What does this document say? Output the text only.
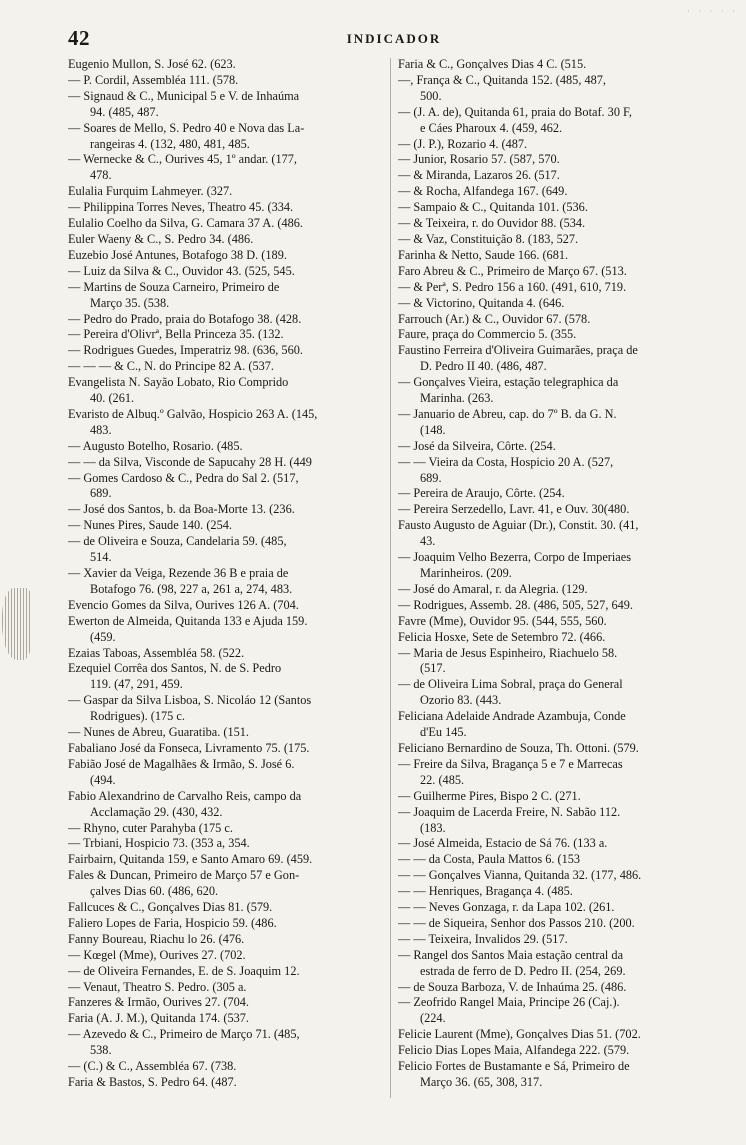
· · · · ·
42	INDICADOR
Eugenio Mullon, S. José 62. (623.
— P. Cordil, Assembléa 111. (578.
— Signaud & C., Municipal 5 e V. de Inhaúma
94. (485, 487.
— Soares de Mello, S. Pedro 40 e Nova das La-
rangeiras 4. (132, 480, 481, 485.
— Wernecke & C., Ourives 45, 1º andar. (177,
478.
Eulalia Furquim Lahmeyer. (327.
— Philippina Torres Neves, Theatro 45. (334.
Eulalio Coelho da Silva, G. Camara 37 A. (486.
Euler Waeny & C., S. Pedro 34. (486.
Euzebio José Antunes, Botafogo 38 D. (189.
— Luiz da Silva & C., Ouvidor 43. (525, 545.
— Martins de Souza Carneiro, Primeiro de
Março 35. (538.
— Pedro do Prado, praia do Botafogo 38. (428.
— Pereira d'Olivrª, Bella Princeza 35. (132.
— Rodrigues Guedes, Imperatriz 98. (636, 560.
— — — & C., N. do Principe 82 A. (537.
Evangelista N. Sayão Lobato, Rio Comprido
40. (261.
Evaristo de Albuq.º Galvão, Hospicio 263 A. (145,
483.
— Augusto Botelho, Rosario. (485.
— — da Silva, Visconde de Sapucahy 28 H. (449
— Gomes Cardoso & C., Pedra do Sal 2. (517,
689.
— José dos Santos, b. da Boa-Morte 13. (236.
— Nunes Pires, Saude 140. (254.
— de Oliveira e Souza, Candelaria 59. (485,
514.
— Xavier da Veiga, Rezende 36 B e praia de
Botafogo 76. (98, 227 a, 261 a, 274, 483.
Evencio Gomes da Silva, Ourives 126 A. (704.
Ewerton de Almeida, Quitanda 133 e Ajuda 159.
(459.
Ezaias Taboas, Assembléa 58. (522.
Ezequiel Corrêa dos Santos, N. de S. Pedro
119. (47, 291, 459.
— Gaspar da Silva Lisboa, S. Nicoláo 12 (Santos
Rodrigues). (175 c.
— Nunes de Abreu, Guaratiba. (151.
Fabaliano José da Fonseca, Livramento 75. (175.
Fabião José de Magalhães & Irmão, S. José 6.
(494.
Fabio Alexandrino de Carvalho Reis, campo da
Acclamação 29. (430, 432.
— Rhyno, cuter Parahyba (175 c.
— Trbiani, Hospicio 73. (353 a, 354.
Fairbairn, Quitanda 159, e Santo Amaro 69. (459.
Fales & Duncan, Primeiro de Março 57 e Gon-
çalves Dias 60. (486, 620.
Fallcuces & C., Gonçalves Dias 81. (579.
Faliero Lopes de Faria, Hospicio 59. (486.
Fanny Boureau, Riachu lo 26. (476.
— Kœgel (Mme), Ourives 27. (702.
— de Oliveira Fernandes, E. de S. Joaquim 12.
— Venaut, Theatro S. Pedro. (305 a.
Fanzeres & Irmão, Ourives 27. (704.
Faria (A. J. M.), Quitanda 174. (537.
— Azevedo & C., Primeiro de Março 71. (485,
538.
— (C.) & C., Assembléa 67. (738.
Faria & Bastos, S. Pedro 64. (487.
Faria & C., Gonçalves Dias 4 C. (515.
—, França & C., Quitanda 152. (485, 487,
500.
— (J. A. de), Quitanda 61, praia do Botaf. 30 F,
e Cáes Pharoux 4. (459, 462.
— (J. P.), Rozario 4. (487.
— Junior, Rosario 57. (587, 570.
— & Miranda, Lazaros 26. (517.
— & Rocha, Alfandega 167. (649.
— Sampaio & C., Quitanda 101. (536.
— & Teixeira, r. do Ouvidor 88. (534.
— & Vaz, Constituição 8. (183, 527.
Farinha & Netto, Saude 166. (681.
Faro Abreu & C., Primeiro de Março 67. (513.
— & Perª, S. Pedro 156 a 160. (491, 610, 719.
— & Victorino, Quitanda 4. (646.
Farrouch (Ar.) & C., Ouvidor 67. (578.
Faure, praça do Commercio 5. (355.
Faustino Ferreira d'Oliveira Guimarães, praça de
D. Pedro II 40. (486, 487.
— Gonçalves Vieira, estação telegraphica da
Marinha. (263.
— Januario de Abreu, cap. do 7º B. da G. N.
(148.
— José da Silveira, Côrte. (254.
— — Vieira da Costa, Hospicio 20 A. (527,
689.
— Pereira de Araujo, Côrte. (254.
— Pereira Serzedello, Lavr. 41, e Ouv. 30(480.
Fausto Augusto de Aguiar (Dr.), Constit. 30. (41,
43.
— Joaquim Velho Bezerra, Corpo de Imperiaes
Marinheiros. (209.
— José do Amaral, r. da Alegria. (129.
— Rodrigues, Assemb. 28. (486, 505, 527, 649.
Favre (Mme), Ouvidor 95. (544, 555, 560.
Felicia Hosxe, Sete de Setembro 72. (466.
— Maria de Jesus Espinheiro, Riachuelo 58.
(517.
— de Oliveira Lima Sobral, praça do General
Ozorio 83. (443.
Feliciana Adelaide Andrade Azambuja, Conde
d'Eu 145.
Feliciano Bernardino de Souza, Th. Ottoni. (579.
— Freire da Silva, Bragança 5 e 7 e Marrecas
22. (485.
— Guilherme Pires, Bispo 2 C. (271.
— Joaquim de Lacerda Freire, N. Sabão 112.
(183.
— José Almeida, Estacio de Sá 76. (133 a.
— — da Costa, Paula Mattos 6. (153
— — Gonçalves Vianna, Quitanda 32. (177, 486.
— — Henriques, Bragança 4. (485.
— — Neves Gonzaga, r. da Lapa 102. (261.
— — de Siqueira, Senhor dos Passos 210. (200.
— — Teixeira, Invalidos 29. (517.
— Rangel dos Santos Maia estação central da
estrada de ferro de D. Pedro II. (254, 269.
— de Souza Barboza, V. de Inhaúma 25. (486.
— Zeofrido Rangel Maia, Principe 26 (Caj.).
(224.
Felicie Laurent (Mme), Gonçalves Dias 51. (702.
Felicio Dias Lopes Maia, Alfandega 222. (579.
Felicio Fortes de Bustamante e Sá, Primeiro de
Março 36. (65, 308, 317.
